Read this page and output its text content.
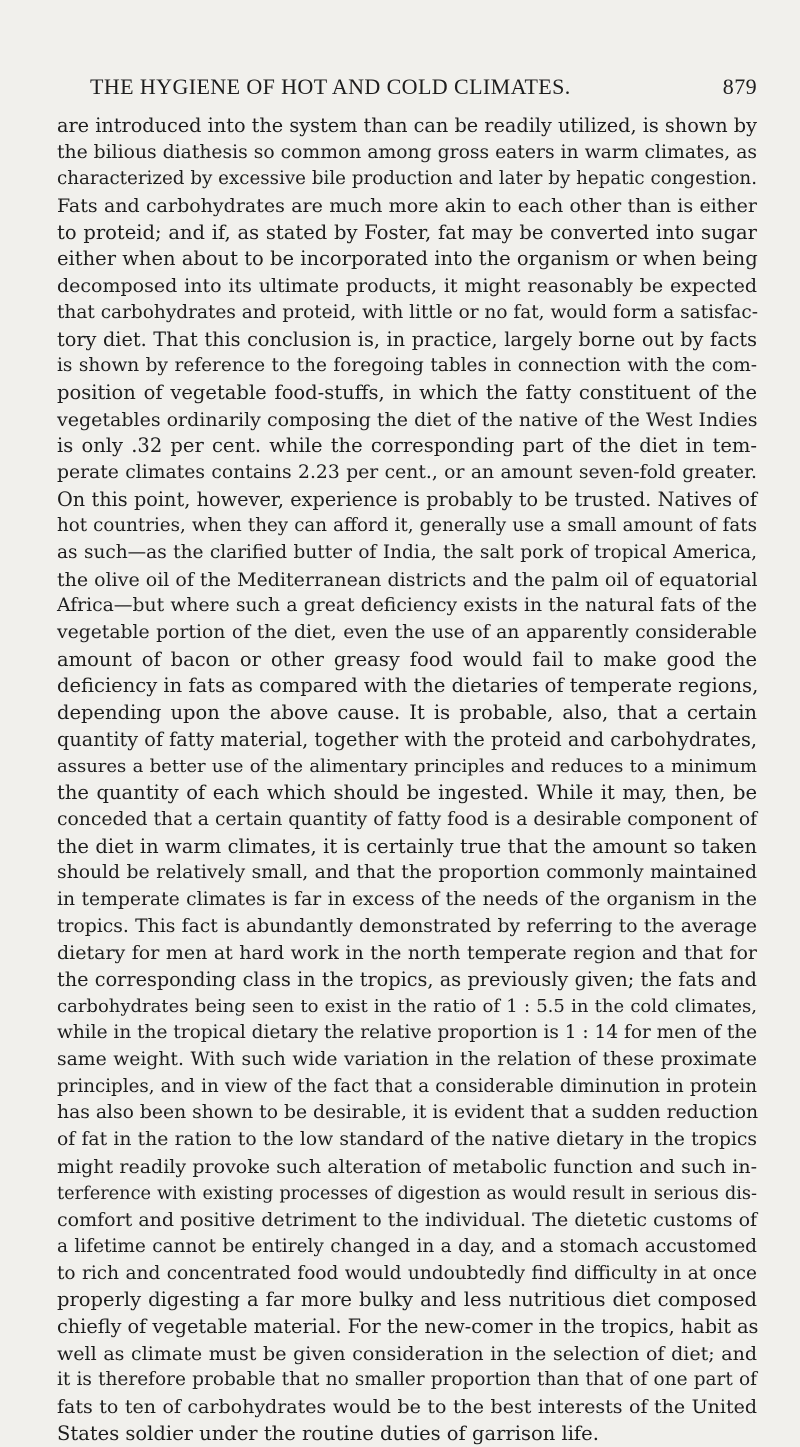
THE HYGIENE OF HOT AND COLD CLIMATES.	879
are introduced into the system than can be readily utilized, is shown by
the bilious diathesis so common among gross eaters in warm climates, as
characterized by excessive bile production and later by hepatic congestion.
Fats and carbohydrates are much more akin to each other than is either
to proteid; and if, as stated by Foster, fat may be converted into sugar
either when about to be incorporated into the organism or when being
decomposed into its ultimate products, it might reasonably be expected
that carbohydrates and proteid, with little or no fat, would form a satisfac-
tory diet. That this conclusion is, in practice, largely borne out by facts
is shown by reference to the foregoing tables in connection with the com-
position of vegetable food-stuffs, in which the fatty constituent of the
vegetables ordinarily composing the diet of the native of the West Indies
is only .32 per cent. while the corresponding part of the diet in tem-
perate climates contains 2.23 per cent., or an amount seven-fold greater.
On this point, however, experience is probably to be trusted. Natives of
hot countries, when they can afford it, generally use a small amount of fats
as such—as the clarified butter of India, the salt pork of tropical America,
the olive oil of the Mediterranean districts and the palm oil of equatorial
Africa—but where such a great deficiency exists in the natural fats of the
vegetable portion of the diet, even the use of an apparently considerable
amount of bacon or other greasy food would fail to make good the
deficiency in fats as compared with the dietaries of temperate regions,
depending upon the above cause. It is probable, also, that a certain
quantity of fatty material, together with the proteid and carbohydrates,
assures a better use of the alimentary principles and reduces to a minimum
the quantity of each which should be ingested. While it may, then, be
conceded that a certain quantity of fatty food is a desirable component of
the diet in warm climates, it is certainly true that the amount so taken
should be relatively small, and that the proportion commonly maintained
in temperate climates is far in excess of the needs of the organism in the
tropics. This fact is abundantly demonstrated by referring to the average
dietary for men at hard work in the north temperate region and that for
the corresponding class in the tropics, as previously given; the fats and
carbohydrates being seen to exist in the ratio of 1 : 5.5 in the cold climates,
while in the tropical dietary the relative proportion is 1 : 14 for men of the
same weight. With such wide variation in the relation of these proximate
principles, and in view of the fact that a considerable diminution in protein
has also been shown to be desirable, it is evident that a sudden reduction
of fat in the ration to the low standard of the native dietary in the tropics
might readily provoke such alteration of metabolic function and such in-
terference with existing processes of digestion as would result in serious dis-
comfort and positive detriment to the individual. The dietetic customs of
a lifetime cannot be entirely changed in a day, and a stomach accustomed
to rich and concentrated food would undoubtedly find difficulty in at once
properly digesting a far more bulky and less nutritious diet composed
chiefly of vegetable material. For the new-comer in the tropics, habit as
well as climate must be given consideration in the selection of diet; and
it is therefore probable that no smaller proportion than that of one part of
fats to ten of carbohydrates would be to the best interests of the United
States soldier under the routine duties of garrison life.
